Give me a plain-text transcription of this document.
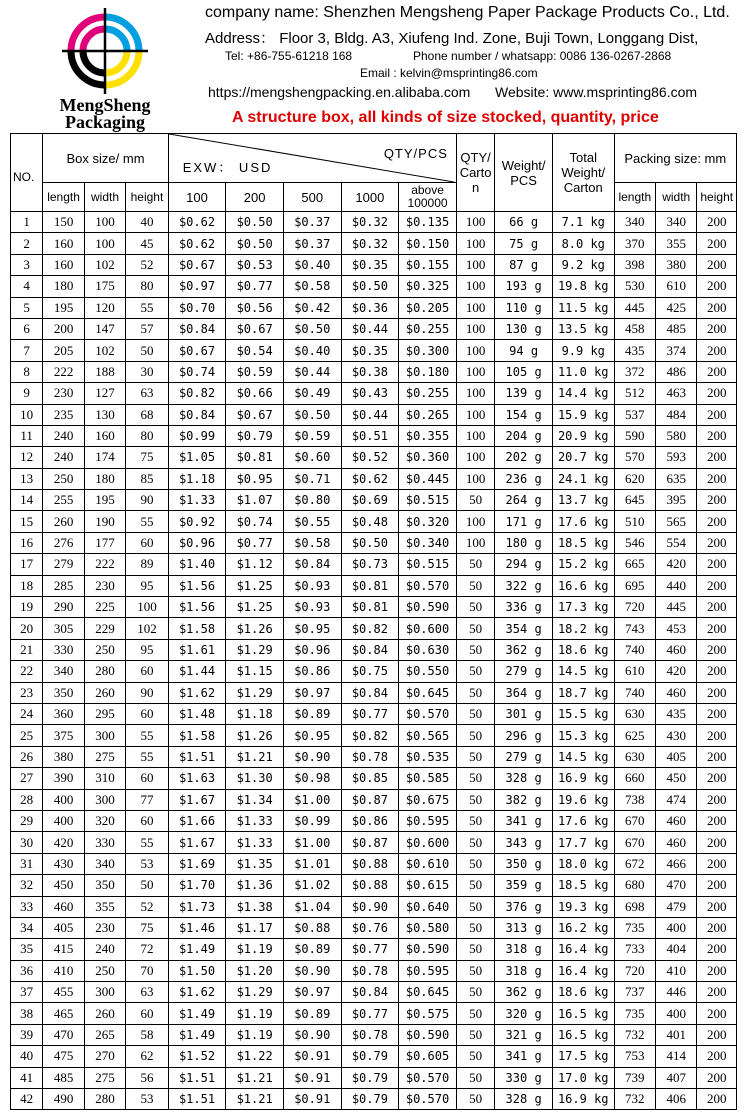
MengSheng
Packaging
company name: Shenzhen Mengsheng Paper Package Products Co., Ltd.
Address： Floor 3, Bldg. A3, Xiufeng Ind. Zone, Buji Town, Longgang Dist,
Tel: +86-755-61218 168	Phone number / whatsapp: 0086 136-0267-2868
Email : kelvin@msprinting86.com
https://mengshengpacking.en.alibaba.com Website: www.msprinting86.com
A structure box, all kinds of size stocked, quantity, price
NO.	Box size/ mm			QTY/PCS
EXW： USD					QTY/ Carto n	Weight/ PCS	Total Weight/ Carton	Packing size: mm		
	length	width	height	100	200	500	1000	above 100000				length	width	height
1	150	100	40	$0.62	$0.50	$0.37	$0.32	$0.135	100	66 g	7.1 kg	340	340	200
2	160	100	45	$0.62	$0.50	$0.37	$0.32	$0.150	100	75 g	8.0 kg	370	355	200
3	160	102	52	$0.67	$0.53	$0.40	$0.35	$0.155	100	87 g	9.2 kg	398	380	200
4	180	175	80	$0.97	$0.77	$0.58	$0.50	$0.325	100	193 g	19.8 kg	530	610	200
5	195	120	55	$0.70	$0.56	$0.42	$0.36	$0.205	100	110 g	11.5 kg	445	425	200
6	200	147	57	$0.84	$0.67	$0.50	$0.44	$0.255	100	130 g	13.5 kg	458	485	200
7	205	102	50	$0.67	$0.54	$0.40	$0.35	$0.300	100	94 g	9.9 kg	435	374	200
8	222	188	30	$0.74	$0.59	$0.44	$0.38	$0.180	100	105 g	11.0 kg	372	486	200
9	230	127	63	$0.82	$0.66	$0.49	$0.43	$0.255	100	139 g	14.4 kg	512	463	200
10	235	130	68	$0.84	$0.67	$0.50	$0.44	$0.265	100	154 g	15.9 kg	537	484	200
11	240	160	80	$0.99	$0.79	$0.59	$0.51	$0.355	100	204 g	20.9 kg	590	580	200
12	240	174	75	$1.05	$0.81	$0.60	$0.52	$0.360	100	202 g	20.7 kg	570	593	200
13	250	180	85	$1.18	$0.95	$0.71	$0.62	$0.445	100	236 g	24.1 kg	620	635	200
14	255	195	90	$1.33	$1.07	$0.80	$0.69	$0.515	50	264 g	13.7 kg	645	395	200
15	260	190	55	$0.92	$0.74	$0.55	$0.48	$0.320	100	171 g	17.6 kg	510	565	200
16	276	177	60	$0.96	$0.77	$0.58	$0.50	$0.340	100	180 g	18.5 kg	546	554	200
17	279	222	89	$1.40	$1.12	$0.84	$0.73	$0.515	50	294 g	15.2 kg	665	420	200
18	285	230	95	$1.56	$1.25	$0.93	$0.81	$0.570	50	322 g	16.6 kg	695	440	200
19	290	225	100	$1.56	$1.25	$0.93	$0.81	$0.590	50	336 g	17.3 kg	720	445	200
20	305	229	102	$1.58	$1.26	$0.95	$0.82	$0.600	50	354 g	18.2 kg	743	453	200
21	330	250	95	$1.61	$1.29	$0.96	$0.84	$0.630	50	362 g	18.6 kg	740	460	200
22	340	280	60	$1.44	$1.15	$0.86	$0.75	$0.550	50	279 g	14.5 kg	610	420	200
23	350	260	90	$1.62	$1.29	$0.97	$0.84	$0.645	50	364 g	18.7 kg	740	460	200
24	360	295	60	$1.48	$1.18	$0.89	$0.77	$0.570	50	301 g	15.5 kg	630	435	200
25	375	300	55	$1.58	$1.26	$0.95	$0.82	$0.565	50	296 g	15.3 kg	625	430	200
26	380	275	55	$1.51	$1.21	$0.90	$0.78	$0.535	50	279 g	14.5 kg	630	405	200
27	390	310	60	$1.63	$1.30	$0.98	$0.85	$0.585	50	328 g	16.9 kg	660	450	200
28	400	300	77	$1.67	$1.34	$1.00	$0.87	$0.675	50	382 g	19.6 kg	738	474	200
29	400	320	60	$1.66	$1.33	$0.99	$0.86	$0.595	50	341 g	17.6 kg	670	460	200
30	420	330	55	$1.67	$1.33	$1.00	$0.87	$0.600	50	343 g	17.7 kg	670	460	200
31	430	340	53	$1.69	$1.35	$1.01	$0.88	$0.610	50	350 g	18.0 kg	672	466	200
32	450	350	50	$1.70	$1.36	$1.02	$0.88	$0.615	50	359 g	18.5 kg	680	470	200
33	460	355	52	$1.73	$1.38	$1.04	$0.90	$0.640	50	376 g	19.3 kg	698	479	200
34	405	230	75	$1.46	$1.17	$0.88	$0.76	$0.580	50	313 g	16.2 kg	735	400	200
35	415	240	72	$1.49	$1.19	$0.89	$0.77	$0.590	50	318 g	16.4 kg	733	404	200
36	410	250	70	$1.50	$1.20	$0.90	$0.78	$0.595	50	318 g	16.4 kg	720	410	200
37	455	300	63	$1.62	$1.29	$0.97	$0.84	$0.645	50	362 g	18.6 kg	737	446	200
38	465	260	60	$1.49	$1.19	$0.89	$0.77	$0.575	50	320 g	16.5 kg	735	400	200
39	470	265	58	$1.49	$1.19	$0.90	$0.78	$0.590	50	321 g	16.5 kg	732	401	200
40	475	270	62	$1.52	$1.22	$0.91	$0.79	$0.605	50	341 g	17.5 kg	753	414	200
41	485	275	56	$1.51	$1.21	$0.91	$0.79	$0.570	50	330 g	17.0 kg	739	407	200
42	490	280	53	$1.51	$1.21	$0.91	$0.79	$0.570	50	328 g	16.9 kg	732	406	200
